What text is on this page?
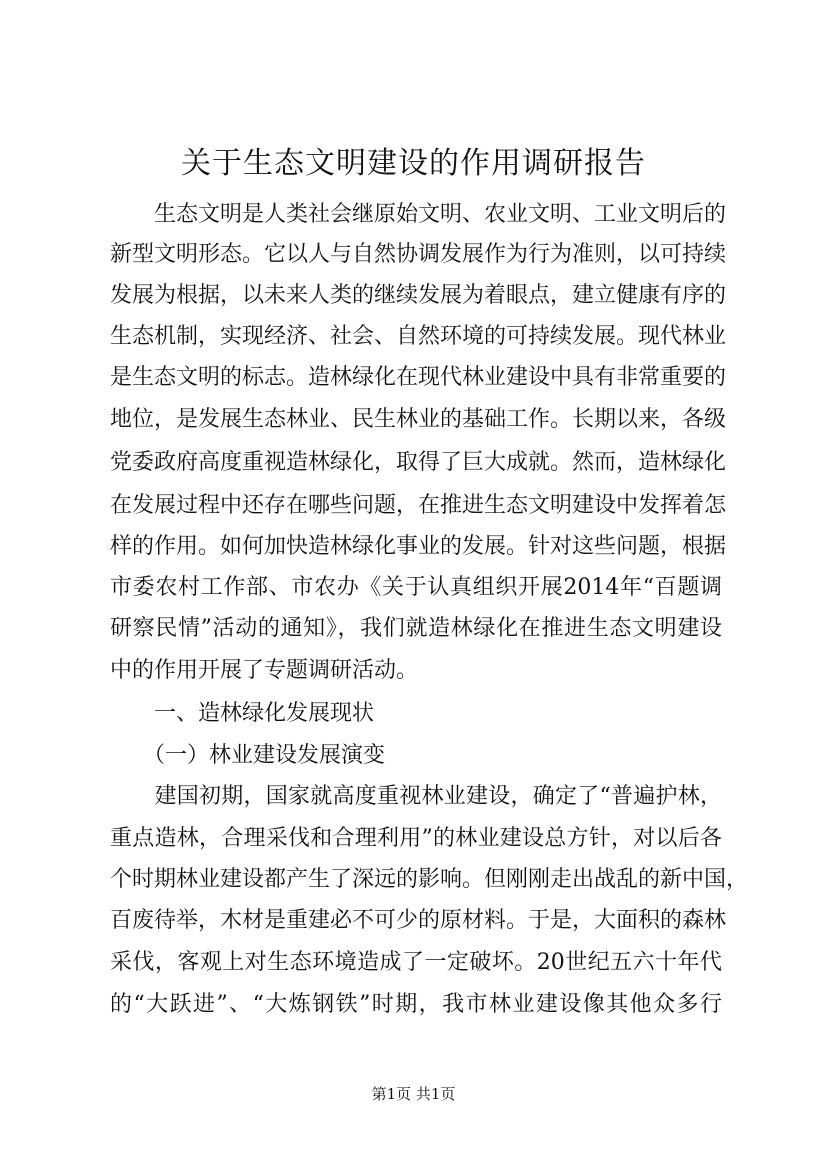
关于生态文明建设的作用调研报告

　　生态文明是人类社会继原始文明、农业文明、工业文明后的

新型文明形态。它以人与自然协调发展作为行为准则，以可持续

发展为根据，以未来人类的继续发展为着眼点，建立健康有序的

生态机制，实现经济、社会、自然环境的可持续发展。现代林业

是生态文明的标志。造林绿化在现代林业建设中具有非常重要的

地位，是发展生态林业、民生林业的基础工作。长期以来，各级

党委政府高度重视造林绿化，取得了巨大成就。然而，造林绿化

在发展过程中还存在哪些问题，在推进生态文明建设中发挥着怎

样的作用。如何加快造林绿化事业的发展。针对这些问题，根据

市委农村工作部、市农办《关于认真组织开展2014年“百题调

研察民情”活动的通知》，我们就造林绿化在推进生态文明建设

中的作用开展了专题调研活动。

　　一、造林绿化发展现状

　　（一）林业建设发展演变

　　建国初期，国家就高度重视林业建设，确定了“普遍护林，

重点造林，合理采伐和合理利用”的林业建设总方针，对以后各

个时期林业建设都产生了深远的影响。但刚刚走出战乱的新中国，

百废待举，木材是重建必不可少的原材料。于是，大面积的森林

采伐，客观上对生态环境造成了一定破坏。20世纪五六十年代

的“大跃进”、“大炼钢铁”时期，我市林业建设像其他众多行

第1页 共1页
